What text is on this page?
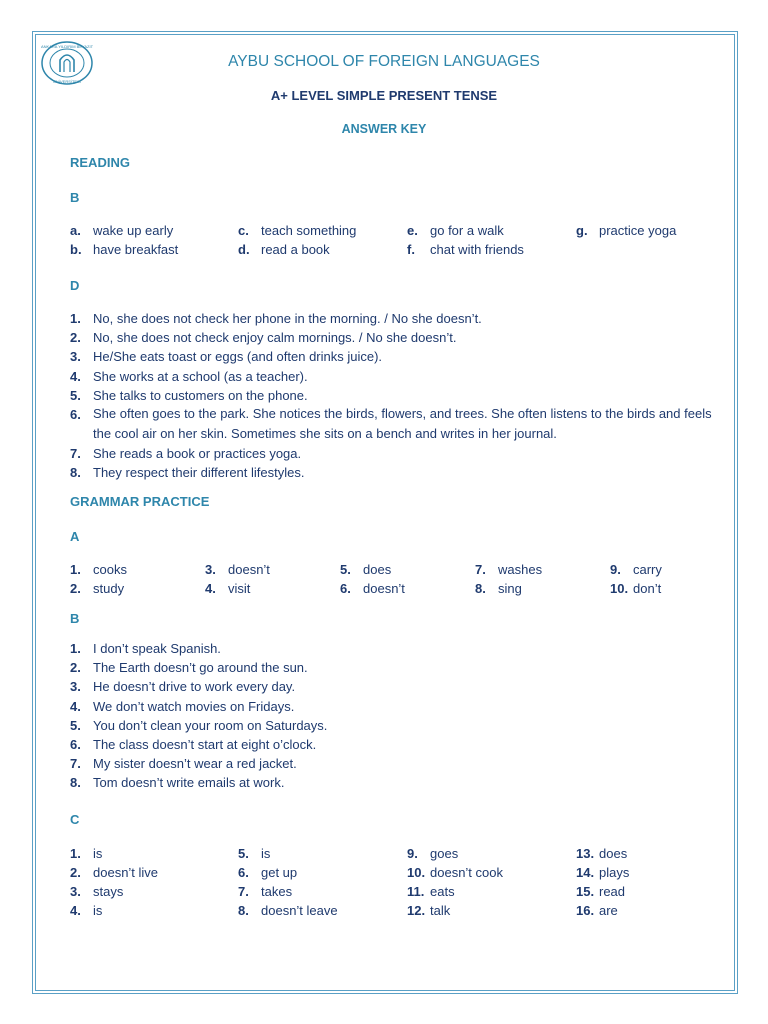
ANKARA YILDIRIM BEYAZIT
ÜNİVERSİTESİ
AYBU SCHOOL OF FOREIGN LANGUAGES
A+ LEVEL SIMPLE PRESENT TENSE
ANSWER KEY
READING
B
a. wake up early
b. have breakfast
c. teach something
d. read a book
e. go for a walk
f. chat with friends
g. practice yoga
D
1. No, she does not check her phone in the morning. / No she doesn’t.
2. No, she does not check enjoy calm mornings. / No she doesn’t.
3. He/She eats toast or eggs (and often drinks juice).
4. She works at a school (as a teacher).
5. She talks to customers on the phone.
6. She often goes to the park. She notices the birds, flowers, and trees. She often listens to the birds and feels the cool air on her skin. Sometimes she sits on a bench and writes in her journal.
7. She reads a book or practices yoga.
8. They respect their different lifestyles.
GRAMMAR PRACTICE
A
1. cooks
2. study
3. doesn’t
4. visit
5. does
6. doesn’t
7. washes
8. sing
9. carry
10. don’t
B
1. I don’t speak Spanish.
2. The Earth doesn’t go around the sun.
3. He doesn’t drive to work every day.
4. We don’t watch movies on Fridays.
5. You don’t clean your room on Saturdays.
6. The class doesn’t start at eight o’clock.
7. My sister doesn’t wear a red jacket.
8. Tom doesn’t write emails at work.
C
1. is
2. doesn’t live
3. stays
4. is
5. is
6. get up
7. takes
8. doesn’t leave
9. goes
10. doesn’t cook
11. eats
12. talk
13. does
14. plays
15. read
16. are
